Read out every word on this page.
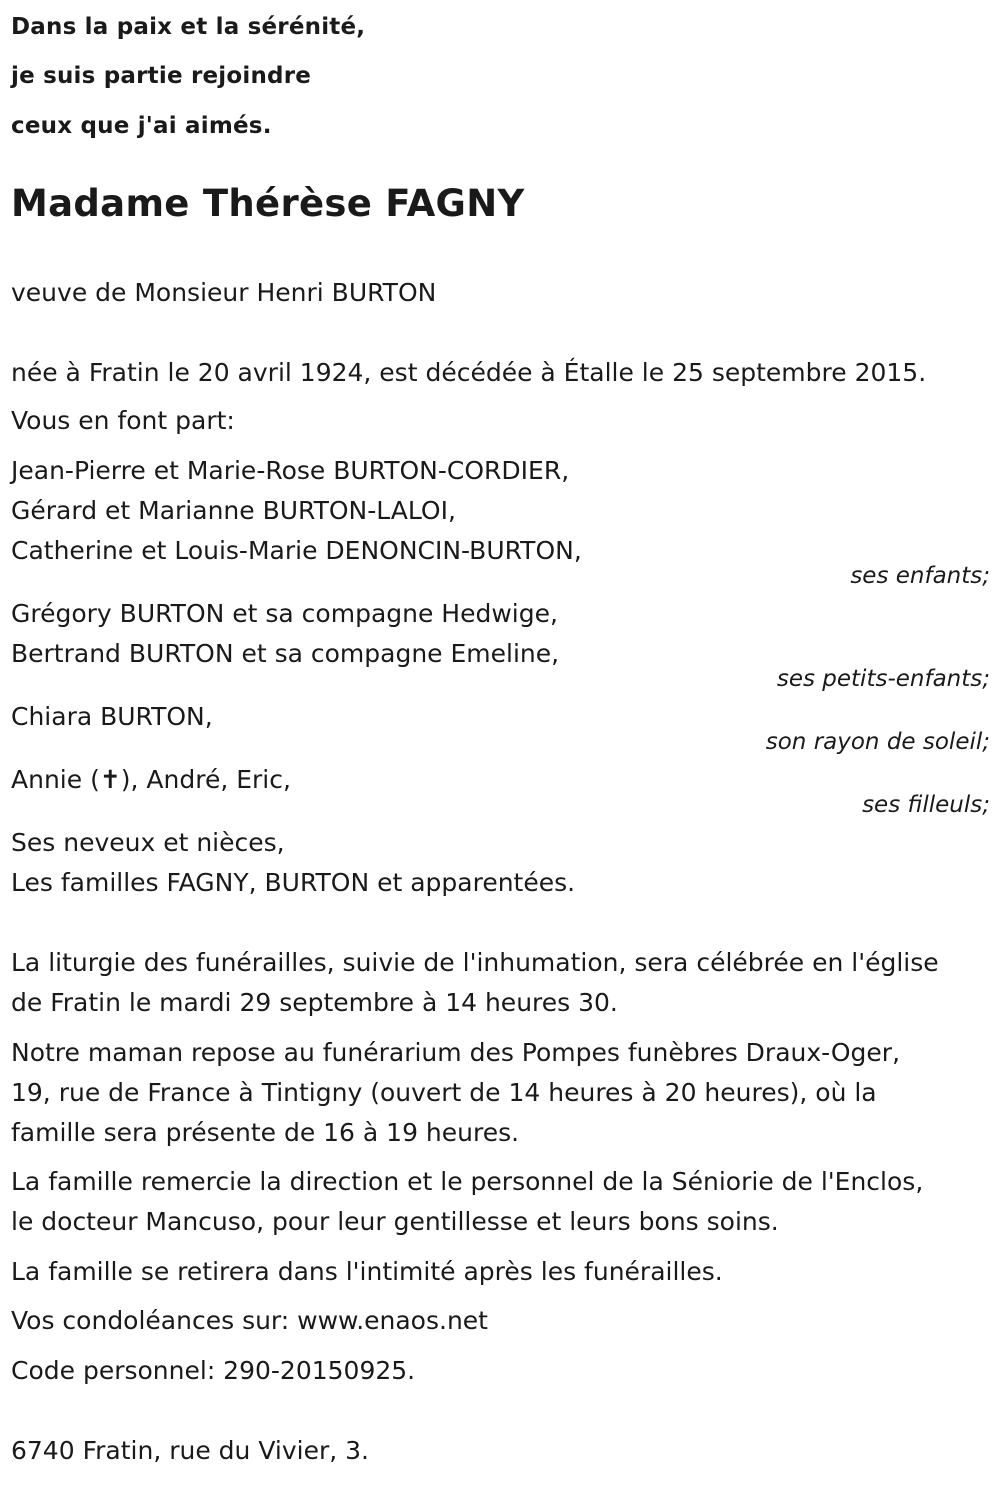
Dans la paix et la sérénité,
je suis partie rejoindre
ceux que j'ai aimés.
Madame Thérèse FAGNY
veuve de Monsieur Henri BURTON
née à Fratin le 20 avril 1924, est décédée à Étalle le 25 septembre 2015.
Vous en font part:
Jean-Pierre et Marie-Rose BURTON-CORDIER,
Gérard et Marianne BURTON-LALOI,
Catherine et Louis-Marie DENONCIN-BURTON,
ses enfants;
Grégory BURTON et sa compagne Hedwige,
Bertrand BURTON et sa compagne Emeline,
ses petits-enfants;
Chiara BURTON,
son rayon de soleil;
Annie (✝), André, Eric,
ses filleuls;
Ses neveux et nièces,
Les familles FAGNY, BURTON et apparentées.
La liturgie des funérailles, suivie de l'inhumation, sera célébrée en l'église
de Fratin le mardi 29 septembre à 14 heures 30.
Notre maman repose au funérarium des Pompes funèbres Draux-Oger,
19, rue de France à Tintigny (ouvert de 14 heures à 20 heures), où la
famille sera présente de 16 à 19 heures.
La famille remercie la direction et le personnel de la Séniorie de l'Enclos,
le docteur Mancuso, pour leur gentillesse et leurs bons soins.
La famille se retirera dans l'intimité après les funérailles.
Vos condoléances sur: www.enaos.net
Code personnel: 290-20150925.
6740 Fratin, rue du Vivier, 3.
